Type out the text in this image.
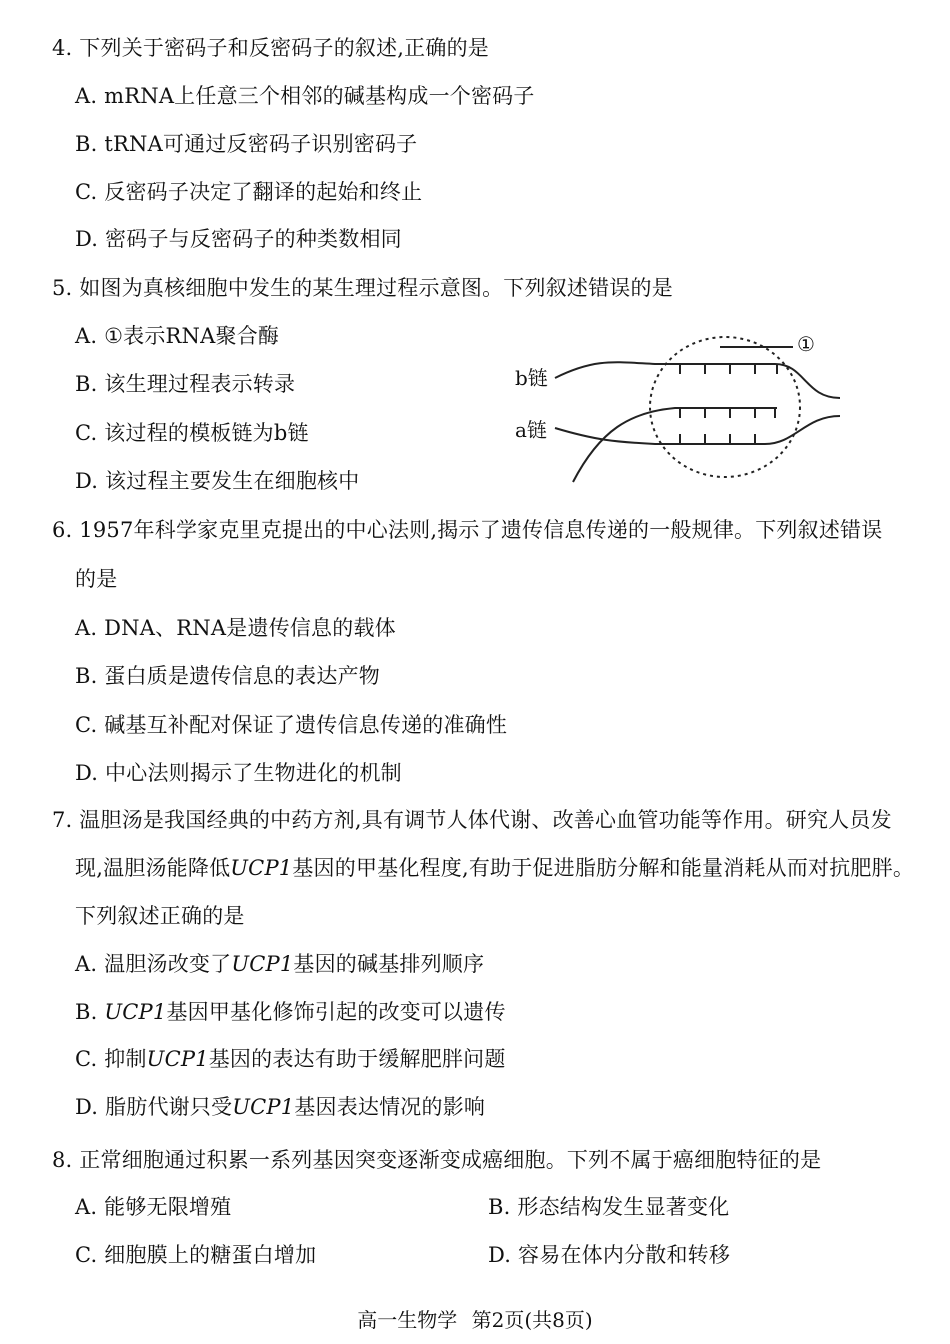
4. 下列关于密码子和反密码子的叙述,正确的是
A. mRNA上任意三个相邻的碱基构成一个密码子
B. tRNA可通过反密码子识别密码子
C. 反密码子决定了翻译的起始和终止
D. 密码子与反密码子的种类数相同
5. 如图为真核细胞中发生的某生理过程示意图。下列叙述错误的是
A. ①表示RNA聚合酶
B. 该生理过程表示转录
C. 该过程的模板链为b链
D. 该过程主要发生在细胞核中
b链
a链
①
6. 1957年科学家克里克提出的中心法则,揭示了遗传信息传递的一般规律。下列叙述错误
的是
A. DNA、RNA是遗传信息的载体
B. 蛋白质是遗传信息的表达产物
C. 碱基互补配对保证了遗传信息传递的准确性
D. 中心法则揭示了生物进化的机制
7. 温胆汤是我国经典的中药方剂,具有调节人体代谢、改善心血管功能等作用。研究人员发
现,温胆汤能降低UCP1基因的甲基化程度,有助于促进脂肪分解和能量消耗从而对抗肥胖。
下列叙述正确的是
A. 温胆汤改变了UCP1基因的碱基排列顺序
B. UCP1基因甲基化修饰引起的改变可以遗传
C. 抑制UCP1基因的表达有助于缓解肥胖问题
D. 脂肪代谢只受UCP1基因表达情况的影响
8. 正常细胞通过积累一系列基因突变逐渐变成癌细胞。下列不属于癌细胞特征的是
A. 能够无限增殖	B. 形态结构发生显著变化
C. 细胞膜上的糖蛋白增加	D. 容易在体内分散和转移
高一生物学 第2页(共8页)
